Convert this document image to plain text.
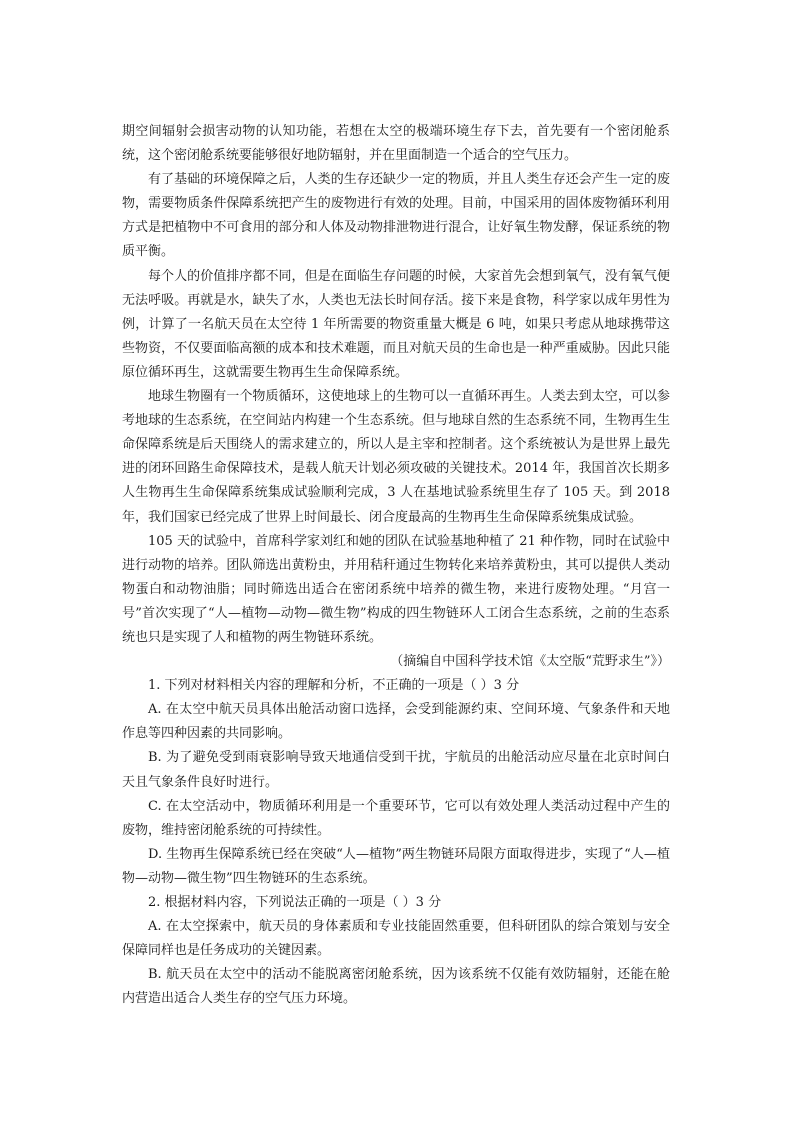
期空间辐射会损害动物的认知功能，若想在太空的极端环境生存下去，首先要有一个密闭舱系统，这个密闭舱系统要能够很好地防辐射，并在里面制造一个适合的空气压力。

有了基础的环境保障之后，人类的生存还缺少一定的物质，并且人类生存还会产生一定的废物，需要物质条件保障系统把产生的废物进行有效的处理。目前，中国采用的固体废物循环利用方式是把植物中不可食用的部分和人体及动物排泄物进行混合，让好氧生物发酵，保证系统的物质平衡。

每个人的价值排序都不同，但是在面临生存问题的时候，大家首先会想到氧气，没有氧气便无法呼吸。再就是水，缺失了水，人类也无法长时间存活。接下来是食物，科学家以成年男性为例，计算了一名航天员在太空待 1 年所需要的物资重量大概是 6 吨，如果只考虑从地球携带这些物资，不仅要面临高额的成本和技术难题，而且对航天员的生命也是一种严重威胁。因此只能原位循环再生，这就需要生物再生生命保障系统。

地球生物圈有一个物质循环，这使地球上的生物可以一直循环再生。人类去到太空，可以参考地球的生态系统，在空间站内构建一个生态系统。但与地球自然的生态系统不同，生物再生生命保障系统是后天围绕人的需求建立的，所以人是主宰和控制者。这个系统被认为是世界上最先进的闭环回路生命保障技术，是载人航天计划必须攻破的关键技术。2014 年，我国首次长期多人生物再生生命保障系统集成试验顺利完成，3 人在基地试验系统里生存了 105 天。到 2018 年，我们国家已经完成了世界上时间最长、闭合度最高的生物再生生命保障系统集成试验。

105 天的试验中，首席科学家刘红和她的团队在试验基地种植了 21 种作物，同时在试验中进行动物的培养。团队筛选出黄粉虫，并用秸秆通过生物转化来培养黄粉虫，其可以提供人类动物蛋白和动物油脂；同时筛选出适合在密闭系统中培养的微生物，来进行废物处理。“月宫一号”首次实现了“人—植物—动物—微生物”构成的四生物链环人工闭合生态系统，之前的生态系统也只是实现了人和植物的两生物链环系统。

（摘编自中国科学技术馆《太空版“荒野求生”》）

1. 下列对材料相关内容的理解和分析，不正确的一项是（ ）3 分

A. 在太空中航天员具体出舱活动窗口选择，会受到能源约束、空间环境、气象条件和天地作息等四种因素的共同影响。

B. 为了避免受到雨衰影响导致天地通信受到干扰，宇航员的出舱活动应尽量在北京时间白天且气象条件良好时进行。

C. 在太空活动中，物质循环利用是一个重要环节，它可以有效处理人类活动过程中产生的废物，维持密闭舱系统的可持续性。

D. 生物再生保障系统已经在突破“人—植物”两生物链环局限方面取得进步，实现了“人—植物—动物—微生物”四生物链环的生态系统。

2. 根据材料内容，下列说法正确的一项是（ ）3 分

A. 在太空探索中，航天员的身体素质和专业技能固然重要，但科研团队的综合策划与安全保障同样也是任务成功的关键因素。

B. 航天员在太空中的活动不能脱离密闭舱系统，因为该系统不仅能有效防辐射，还能在舱内营造出适合人类生存的空气压力环境。
